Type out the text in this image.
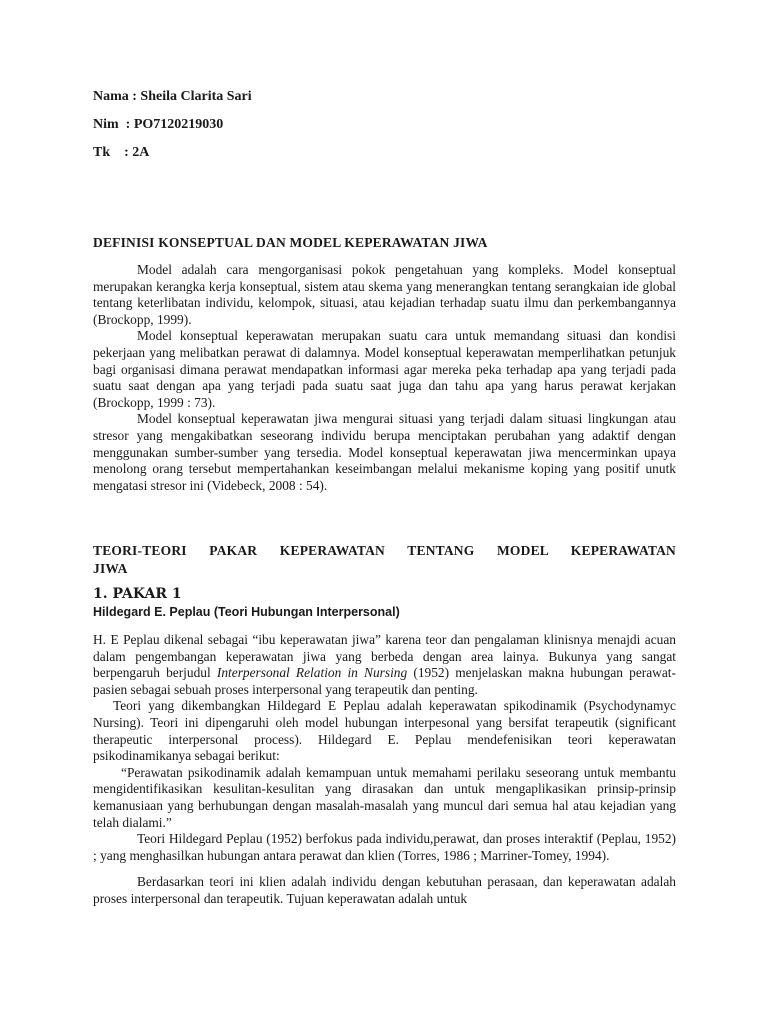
Nama : Sheila Clarita Sari
Nim  : PO7120219030
Tk    : 2A
DEFINISI KONSEPTUAL DAN MODEL KEPERAWATAN JIWA

Model adalah cara mengorganisasi pokok pengetahuan yang kompleks. Model konseptual merupakan kerangka kerja konseptual, sistem atau skema yang menerangkan tentang serangkaian ide global tentang keterlibatan individu, kelompok, situasi, atau kejadian terhadap suatu ilmu dan perkembangannya (Brockopp, 1999).

Model konseptual keperawatan merupakan suatu cara untuk memandang situasi dan kondisi pekerjaan yang melibatkan perawat di dalamnya. Model konseptual keperawatan memperlihatkan petunjuk bagi organisasi dimana perawat mendapatkan informasi agar mereka peka terhadap apa yang terjadi pada suatu saat dengan apa yang terjadi pada suatu saat juga dan tahu apa yang harus perawat kerjakan (Brockopp, 1999 : 73).

Model konseptual keperawatan jiwa mengurai situasi yang terjadi dalam situasi lingkungan atau stresor yang mengakibatkan seseorang individu berupa menciptakan perubahan yang adaktif dengan menggunakan sumber-sumber yang tersedia. Model konseptual keperawatan jiwa mencerminkan upaya menolong orang tersebut mempertahankan keseimbangan melalui mekanisme koping yang positif unutk mengatasi stresor ini (Videbeck, 2008 : 54).

TEORI-TEORI PAKAR KEPERAWATAN TENTANG MODEL KEPERAWATAN
JIWA
1. PAKAR 1
Hildegard E. Peplau (Teori Hubungan Interpersonal)

H. E Peplau dikenal sebagai “ibu keperawatan jiwa” karena teor dan pengalaman klinisnya menajdi acuan dalam pengembangan keperawatan jiwa yang berbeda dengan area lainya. Bukunya yang sangat berpengaruh berjudul Interpersonal Relation in Nursing (1952) menjelaskan makna hubungan perawat-pasien sebagai sebuah proses interpersonal yang terapeutik dan penting.

Teori yang dikembangkan Hildegard E Peplau adalah keperawatan spikodinamik (Psychodynamyc Nursing). Teori ini dipengaruhi oleh model hubungan interpesonal yang bersifat terapeutik (significant therapeutic interpersonal process). Hildegard E. Peplau mendefenisikan teori keperawatan psikodinamikanya sebagai berikut:

“Perawatan psikodinamik adalah kemampuan untuk memahami perilaku seseorang untuk membantu mengidentifikasikan kesulitan-kesulitan yang dirasakan dan untuk mengaplikasikan prinsip-prinsip kemanusiaan yang berhubungan dengan masalah-masalah yang muncul dari semua hal atau kejadian yang telah dialami.”

Teori Hildegard Peplau (1952) berfokus pada individu,perawat, dan proses interaktif (Peplau, 1952) ; yang menghasilkan hubungan antara perawat dan klien (Torres, 1986 ; Marriner-Tomey, 1994).

Berdasarkan teori ini klien adalah individu dengan kebutuhan perasaan, dan keperawatan adalah proses interpersonal dan terapeutik. Tujuan keperawatan adalah untuk
